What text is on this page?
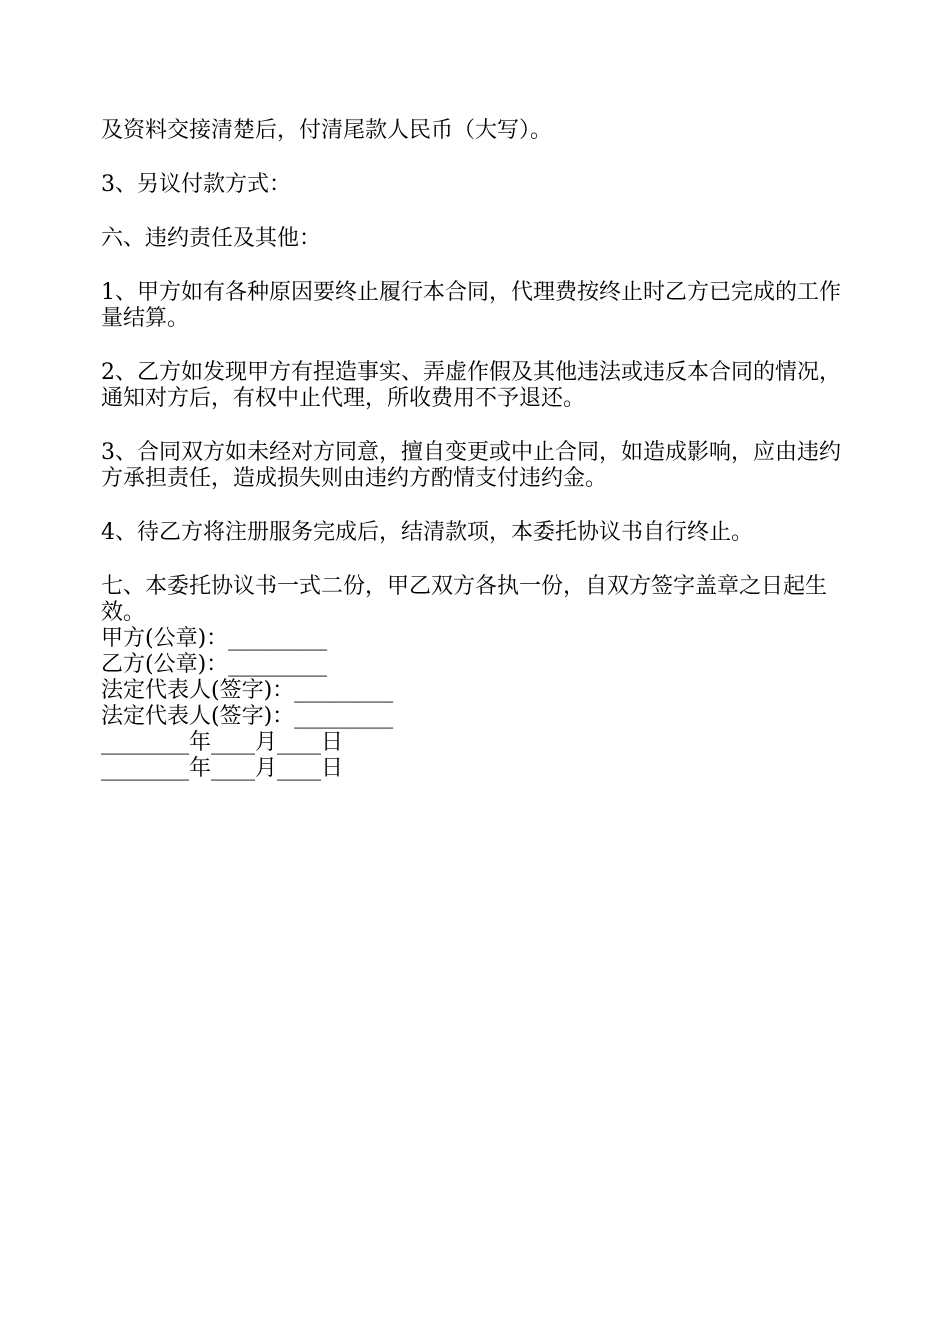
及资料交接清楚后，付清尾款人民币（大写）。

3、另议付款方式：

六、违约责任及其他：

1、甲方如有各种原因要终止履行本合同，代理费按终止时乙方已完成的工作量结算。

2、乙方如发现甲方有捏造事实、弄虚作假及其他违法或违反本合同的情况，通知对方后，有权中止代理，所收费用不予退还。

3、合同双方如未经对方同意，擅自变更或中止合同，如造成影响，应由违约方承担责任，造成损失则由违约方酌情支付违约金。

4、待乙方将注册服务完成后，结清款项，本委托协议书自行终止。

七、本委托协议书一式二份，甲乙双方各执一份，自双方签字盖章之日起生效。

甲方(公章)：_________

乙方(公章)：_________

法定代表人(签字)：_________

法定代表人(签字)：_________

________年____月____日

________年____月____日
